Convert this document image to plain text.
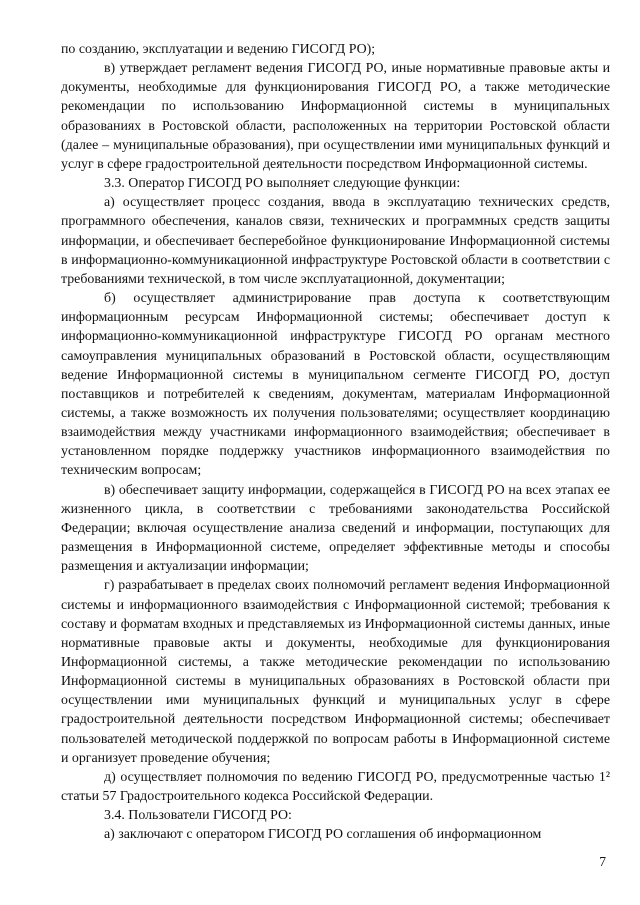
по созданию, эксплуатации и ведению ГИСОГД РО);

в) утверждает регламент ведения ГИСОГД РО, иные нормативные правовые акты и документы, необходимые для функционирования ГИСОГД РО, а также методические рекомендации по использованию Информационной системы в муниципальных образованиях в Ростовской области, расположенных на территории Ростовской области (далее – муниципальные образования), при осуществлении ими муниципальных функций и услуг в сфере градостроительной деятельности посредством Информационной системы.

3.3. Оператор ГИСОГД РО выполняет следующие функции:

а) осуществляет процесс создания, ввода в эксплуатацию технических средств, программного обеспечения, каналов связи, технических и программных средств защиты информации, и обеспечивает бесперебойное функционирование Информационной системы в информационно-коммуникационной инфраструктуре Ростовской области в соответствии с требованиями технической, в том числе эксплуатационной, документации;

б) осуществляет администрирование прав доступа к соответствующим информационным ресурсам Информационной системы; обеспечивает доступ к информационно-коммуникационной инфраструктуре ГИСОГД РО органам местного самоуправления муниципальных образований в Ростовской области, осуществляющим ведение Информационной системы в муниципальном сегменте ГИСОГД РО, доступ поставщиков и потребителей к сведениям, документам, материалам Информационной системы, а также возможность их получения пользователями; осуществляет координацию взаимодействия между участниками информационного взаимодействия; обеспечивает в установленном порядке поддержку участников информационного взаимодействия по техническим вопросам;

в) обеспечивает защиту информации, содержащейся в ГИСОГД РО на всех этапах ее жизненного цикла, в соответствии с требованиями законодательства Российской Федерации; включая осуществление анализа сведений и информации, поступающих для размещения в Информационной системе, определяет эффективные методы и способы размещения и актуализации информации;

г) разрабатывает в пределах своих полномочий регламент ведения Информационной системы и информационного взаимодействия с Информационной системой; требования к составу и форматам входных и представляемых из Информационной системы данных, иные нормативные правовые акты и документы, необходимые для функционирования Информационной системы, а также методические рекомендации по использованию Информационной системы в муниципальных образованиях в Ростовской области при осуществлении ими муниципальных функций и муниципальных услуг в сфере градостроительной деятельности посредством Информационной системы; обеспечивает пользователей методической поддержкой по вопросам работы в Информационной системе и организует проведение обучения;

д) осуществляет полномочия по ведению ГИСОГД РО, предусмотренные частью 1² статьи 57 Градостроительного кодекса Российской Федерации.

3.4. Пользователи ГИСОГД РО:

а) заключают с оператором ГИСОГД РО соглашения об информационном

7
